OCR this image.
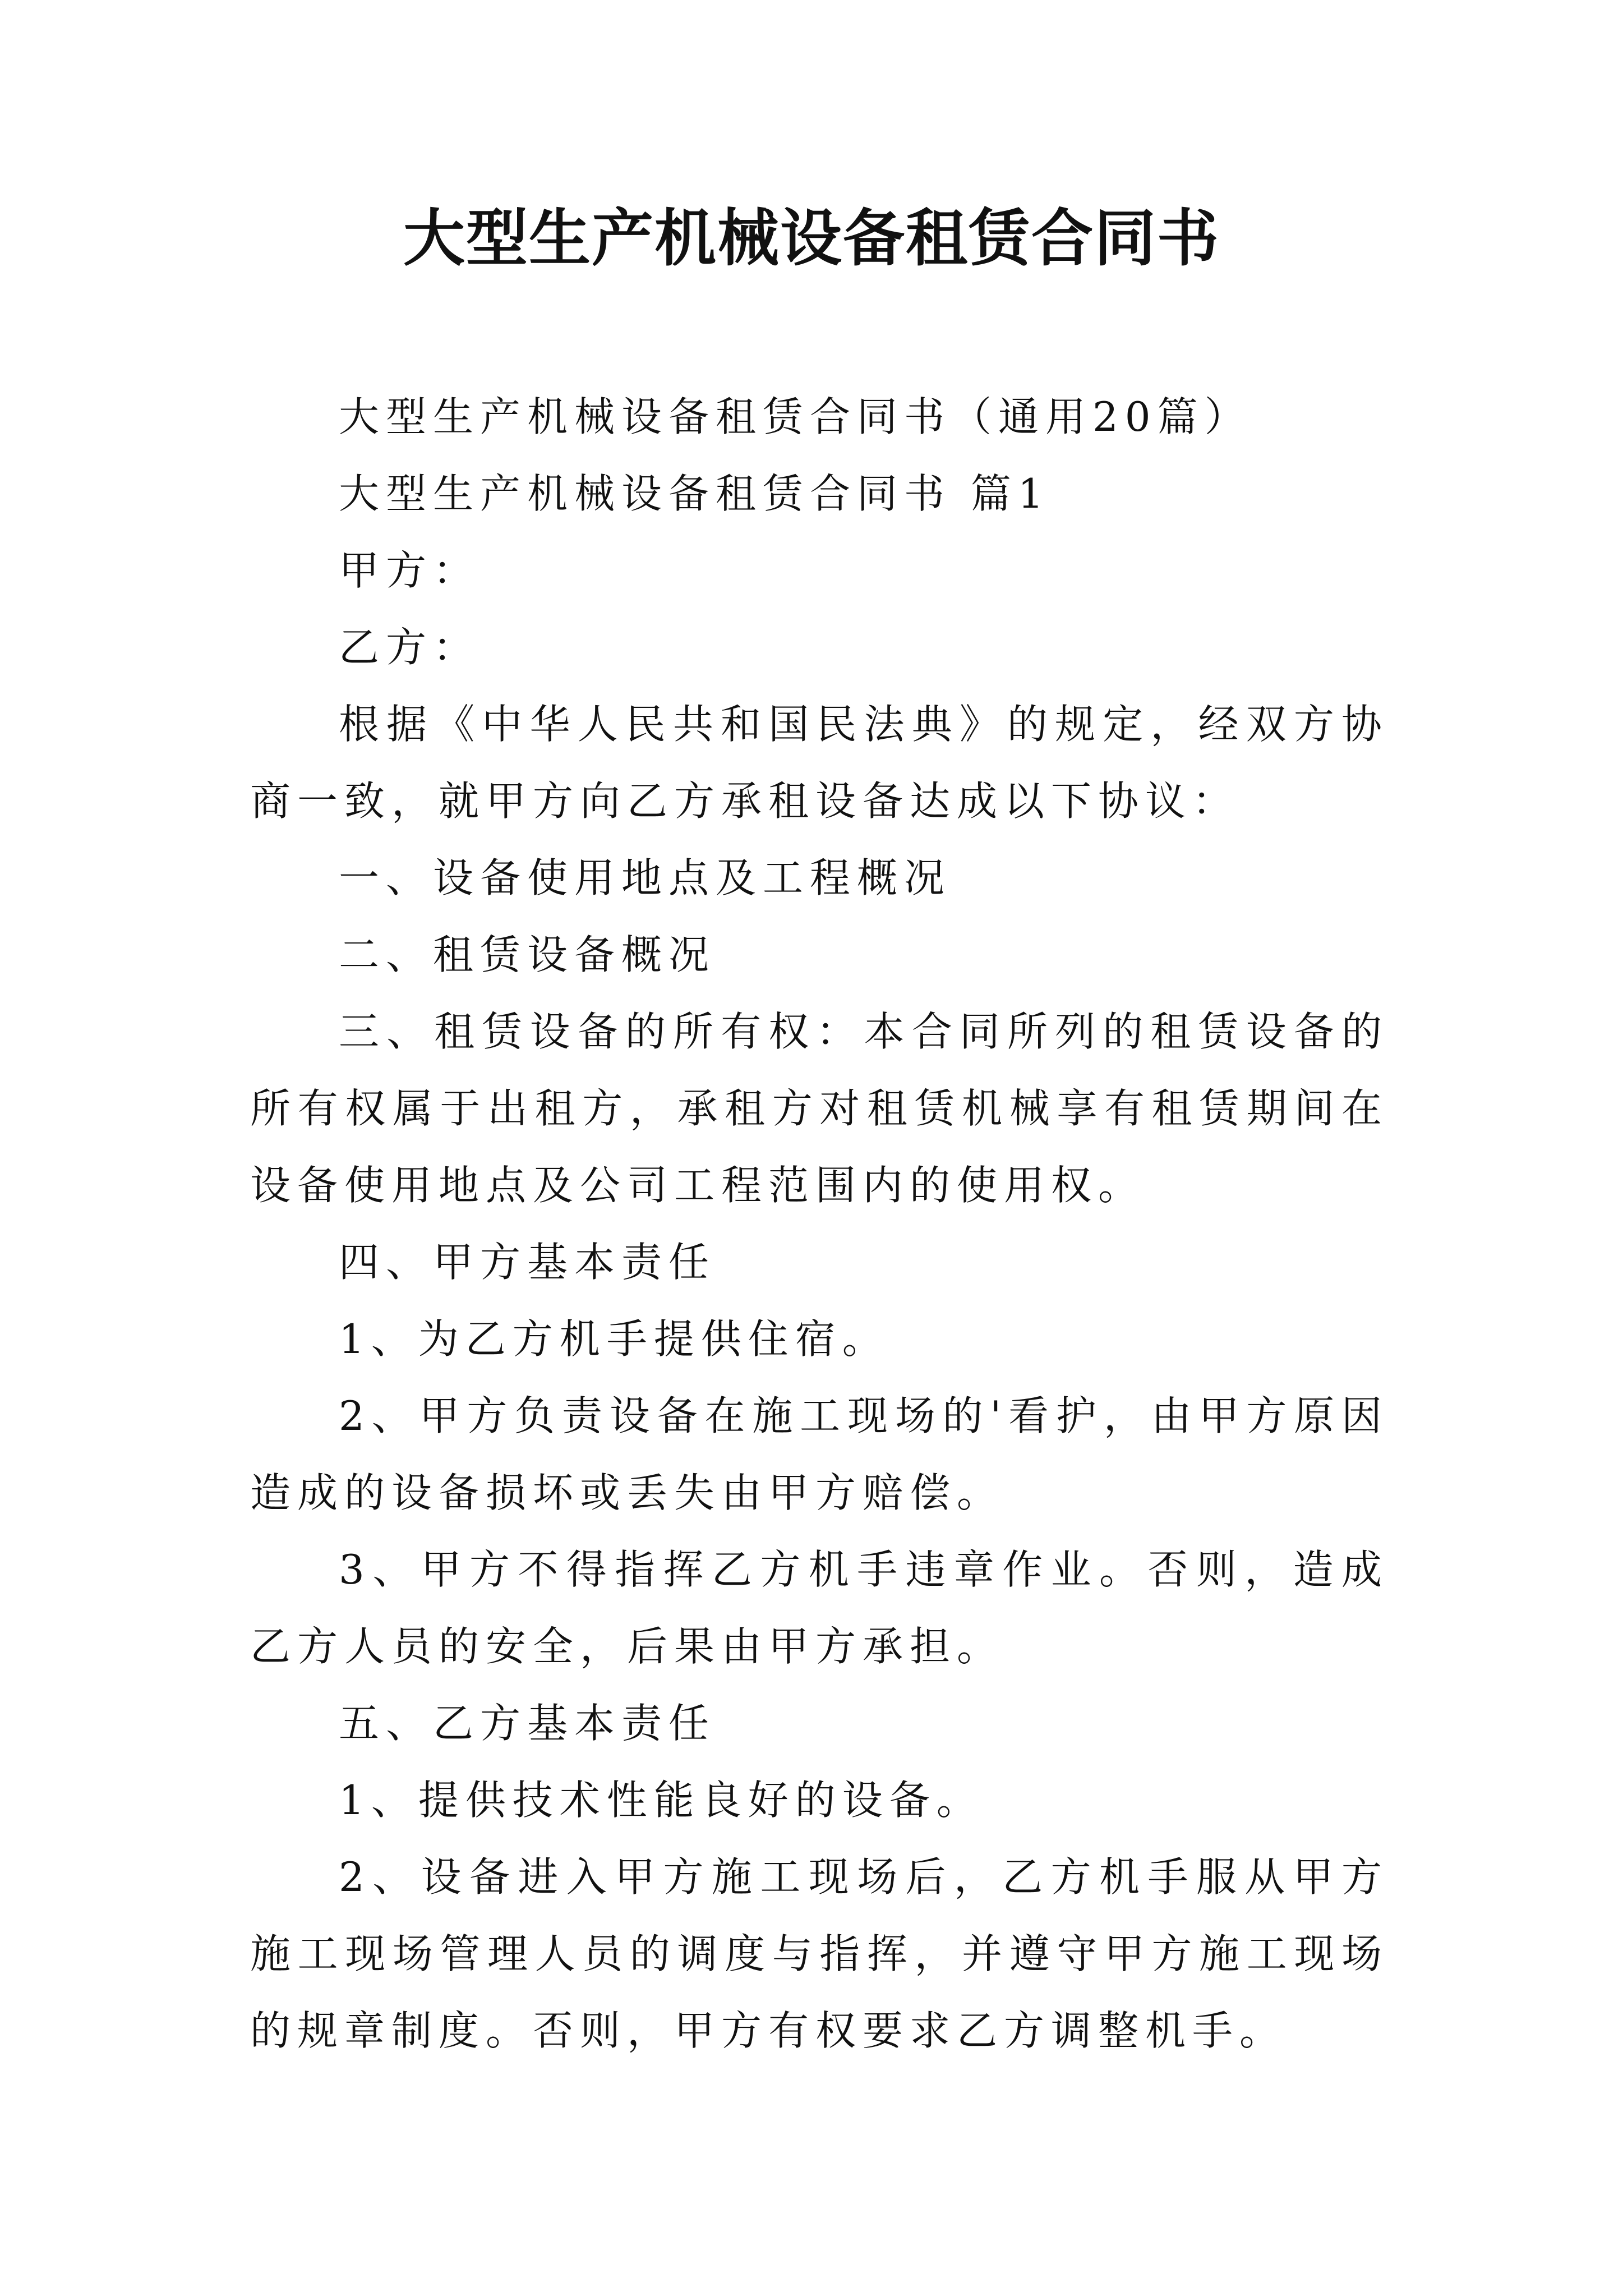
大型生产机械设备租赁合同书

大型生产机械设备租赁合同书（通用20篇）

大型生产机械设备租赁合同书 篇1

甲方：

乙方：

根据《中华人民共和国民法典》的规定，经双方协商一致，就甲方向乙方承租设备达成以下协议：

一、设备使用地点及工程概况

二、租赁设备概况

三、租赁设备的所有权：本合同所列的租赁设备的所有权属于出租方，承租方对租赁机械享有租赁期间在设备使用地点及公司工程范围内的使用权。

四、甲方基本责任

1、为乙方机手提供住宿。

2、甲方负责设备在施工现场的'看护，由甲方原因造成的设备损坏或丢失由甲方赔偿。

3、甲方不得指挥乙方机手违章作业。否则，造成乙方人员的安全，后果由甲方承担。

五、乙方基本责任

1、提供技术性能良好的设备。

2、设备进入甲方施工现场后，乙方机手服从甲方施工现场管理人员的调度与指挥，并遵守甲方施工现场的规章制度。否则，甲方有权要求乙方调整机手。
